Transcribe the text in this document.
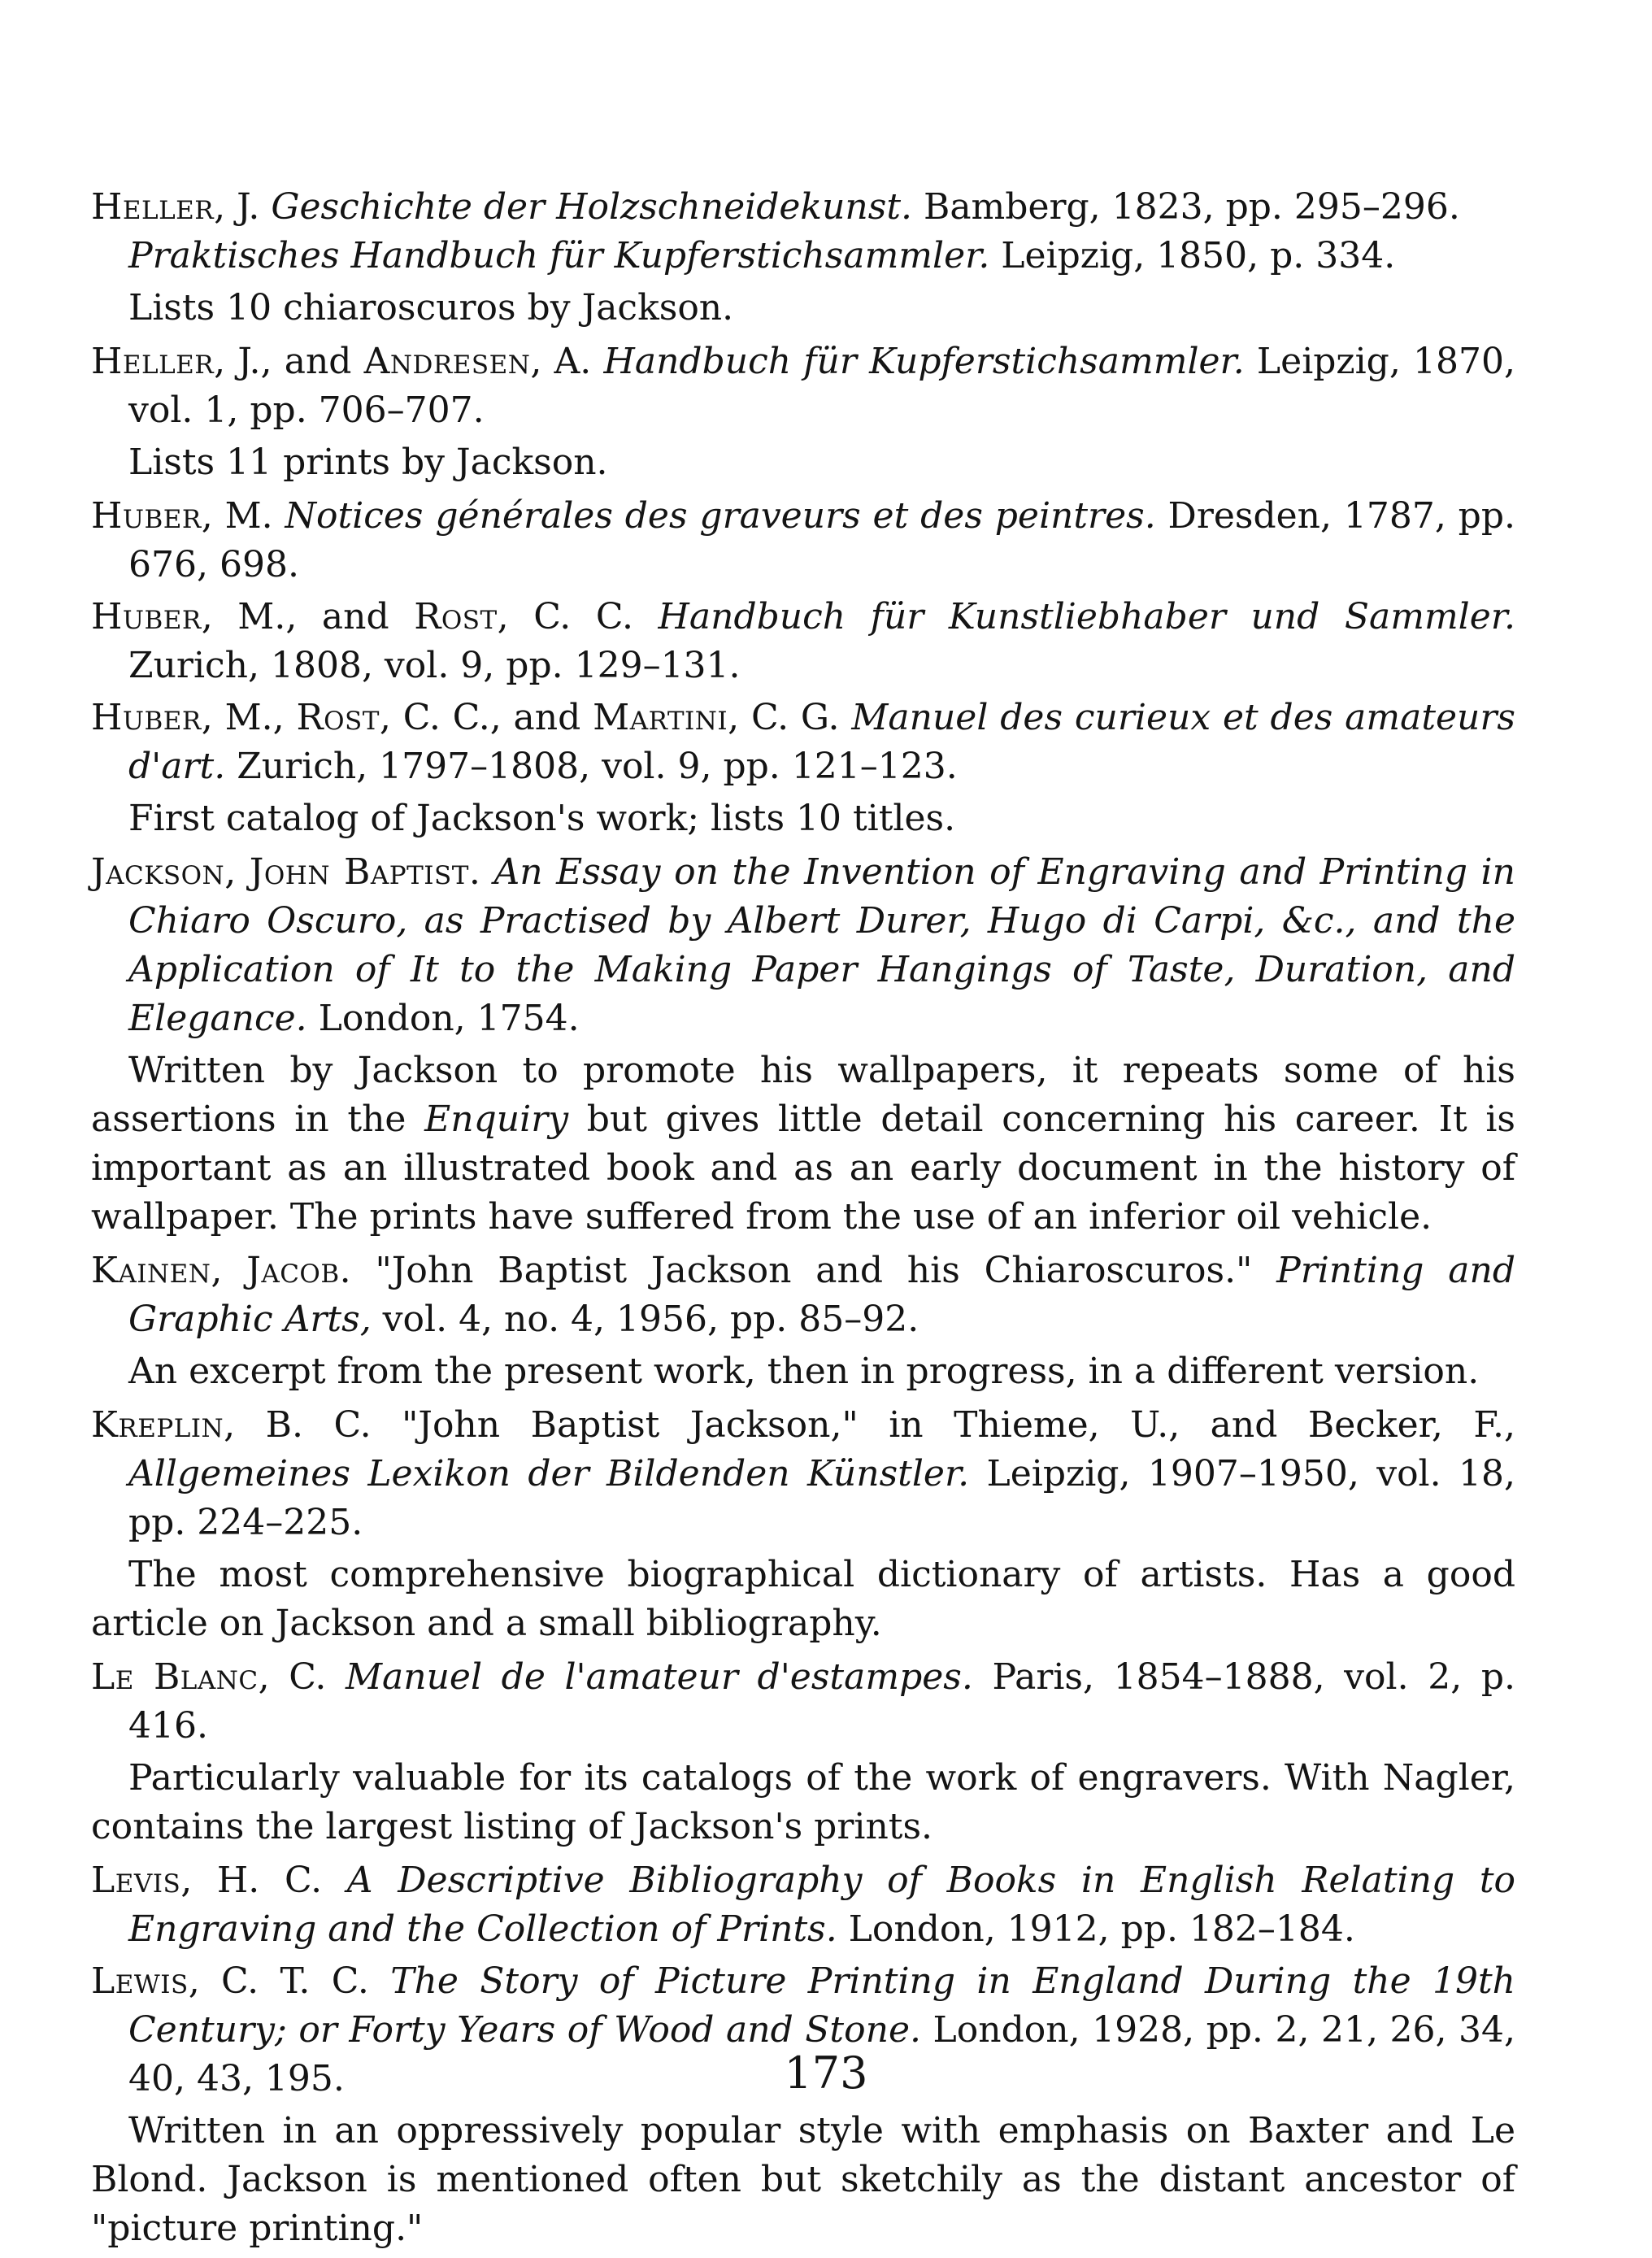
Heller, J. Geschichte der Holzschneidekunst. Bamberg, 1823, pp. 295–296.
Praktisches Handbuch für Kupferstichsammler. Leipzig, 1850, p. 334.

Lists 10 chiaroscuros by Jackson.

Heller, J., and Andresen, A. Handbuch für Kupferstichsammler. Leipzig, 1870, vol. 1, pp. 706–707.

Lists 11 prints by Jackson.

Huber, M. Notices générales des graveurs et des peintres. Dresden, 1787, pp. 676, 698.

Huber, M., and Rost, C. C. Handbuch für Kunstliebhaber und Sammler. Zurich, 1808, vol. 9, pp. 129–131.

Huber, M., Rost, C. C., and Martini, C. G. Manuel des curieux et des amateurs d'art. Zurich, 1797–1808, vol. 9, pp. 121–123.

First catalog of Jackson's work; lists 10 titles.

Jackson, John Baptist. An Essay on the Invention of Engraving and Printing in Chiaro Oscuro, as Practised by Albert Durer, Hugo di Carpi, &c., and the Application of It to the Making Paper Hangings of Taste, Duration, and Elegance. London, 1754.

Written by Jackson to promote his wallpapers, it repeats some of his assertions in the Enquiry but gives little detail concerning his career. It is important as an illustrated book and as an early document in the history of wallpaper. The prints have suffered from the use of an inferior oil vehicle.

Kainen, Jacob. "John Baptist Jackson and his Chiaroscuros." Printing and Graphic Arts, vol. 4, no. 4, 1956, pp. 85–92.

An excerpt from the present work, then in progress, in a different version.

Kreplin, B. C. "John Baptist Jackson," in Thieme, U., and Becker, F., Allgemeines Lexikon der Bildenden Künstler. Leipzig, 1907–1950, vol. 18, pp. 224–225.

The most comprehensive biographical dictionary of artists. Has a good article on Jackson and a small bibliography.

Le Blanc, C. Manuel de l'amateur d'estampes. Paris, 1854–1888, vol. 2, p. 416.

Particularly valuable for its catalogs of the work of engravers. With Nagler, contains the largest listing of Jackson's prints.

Levis, H. C. A Descriptive Bibliography of Books in English Relating to Engraving and the Collection of Prints. London, 1912, pp. 182–184.

Lewis, C. T. C. The Story of Picture Printing in England During the 19th Century; or Forty Years of Wood and Stone. London, 1928, pp. 2, 21, 26, 34, 40, 43, 195.

Written in an oppressively popular style with emphasis on Baxter and Le Blond. Jackson is mentioned often but sketchily as the distant ancestor of "picture printing."

173
